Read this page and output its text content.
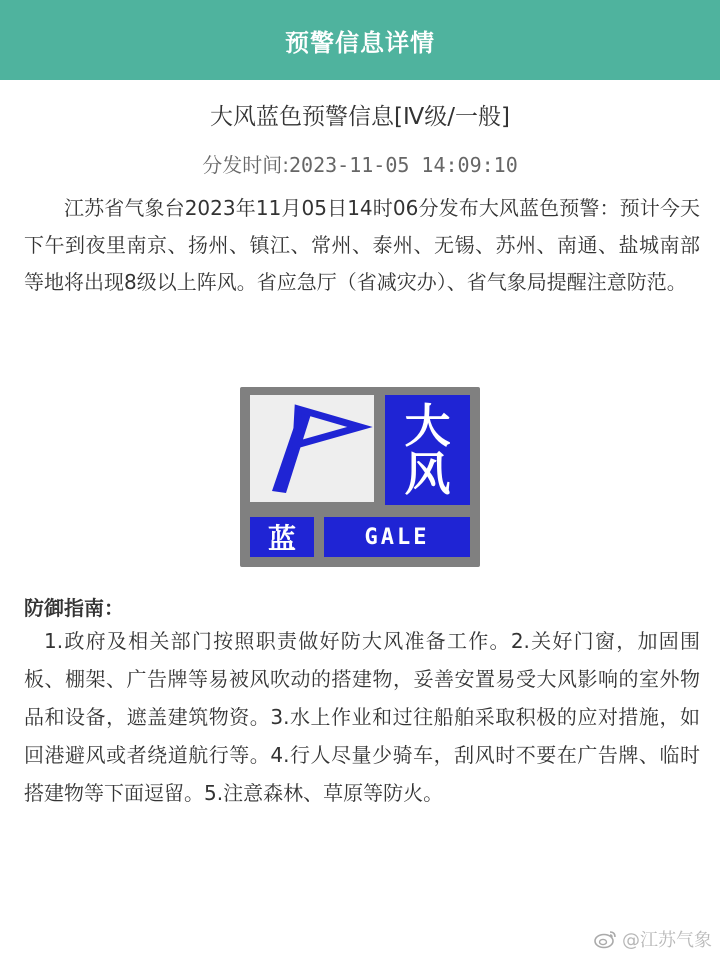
预警信息详情
大风蓝色预警信息[Ⅳ级/一般]
分发时间:2023-11-05 14:09:10
江苏省气象台2023年11月05日14时06分发布大风蓝色预警：预计今天下午到夜里南京、扬州、镇江、常州、泰州、无锡、苏州、南通、盐城南部等地将出现8级以上阵风。省应急厅（省减灾办）、省气象局提醒注意防范。
大
风
蓝	GALE
防御指南：
1.政府及相关部门按照职责做好防大风准备工作。2.关好门窗，加固围板、棚架、广告牌等易被风吹动的搭建物，妥善安置易受大风影响的室外物品和设备，遮盖建筑物资。3.水上作业和过往船舶采取积极的应对措施，如回港避风或者绕道航行等。4.行人尽量少骑车，刮风时不要在广告牌、临时搭建物等下面逗留。5.注意森林、草原等防火。
@江苏气象
